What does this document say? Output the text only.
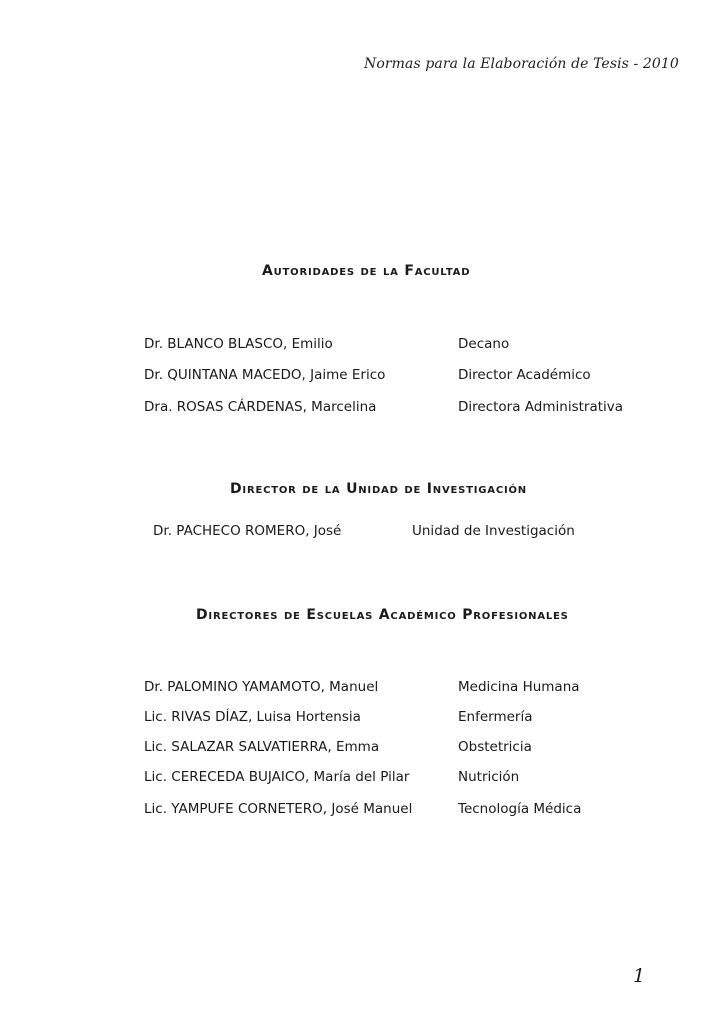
Normas para la Elaboración de Tesis - 2010
Autoridades de la Facultad
Dr. BLANCO BLASCO, Emilio	Decano
Dr. QUINTANA MACEDO, Jaime Erico	Director Académico
Dra. ROSAS CÁRDENAS, Marcelina	Directora Administrativa
Director de la Unidad de Investigación
Dr. PACHECO ROMERO, José	Unidad de Investigación
Directores de Escuelas Académico Profesionales
Dr. PALOMINO YAMAMOTO, Manuel	Medicina Humana
Lic. RIVAS DÍAZ, Luisa Hortensia	Enfermería
Lic. SALAZAR SALVATIERRA, Emma	Obstetricia
Lic. CERECEDA BUJAICO, María del Pilar	Nutrición
Lic. YAMPUFE CORNETERO, José Manuel	Tecnología Médica
1
